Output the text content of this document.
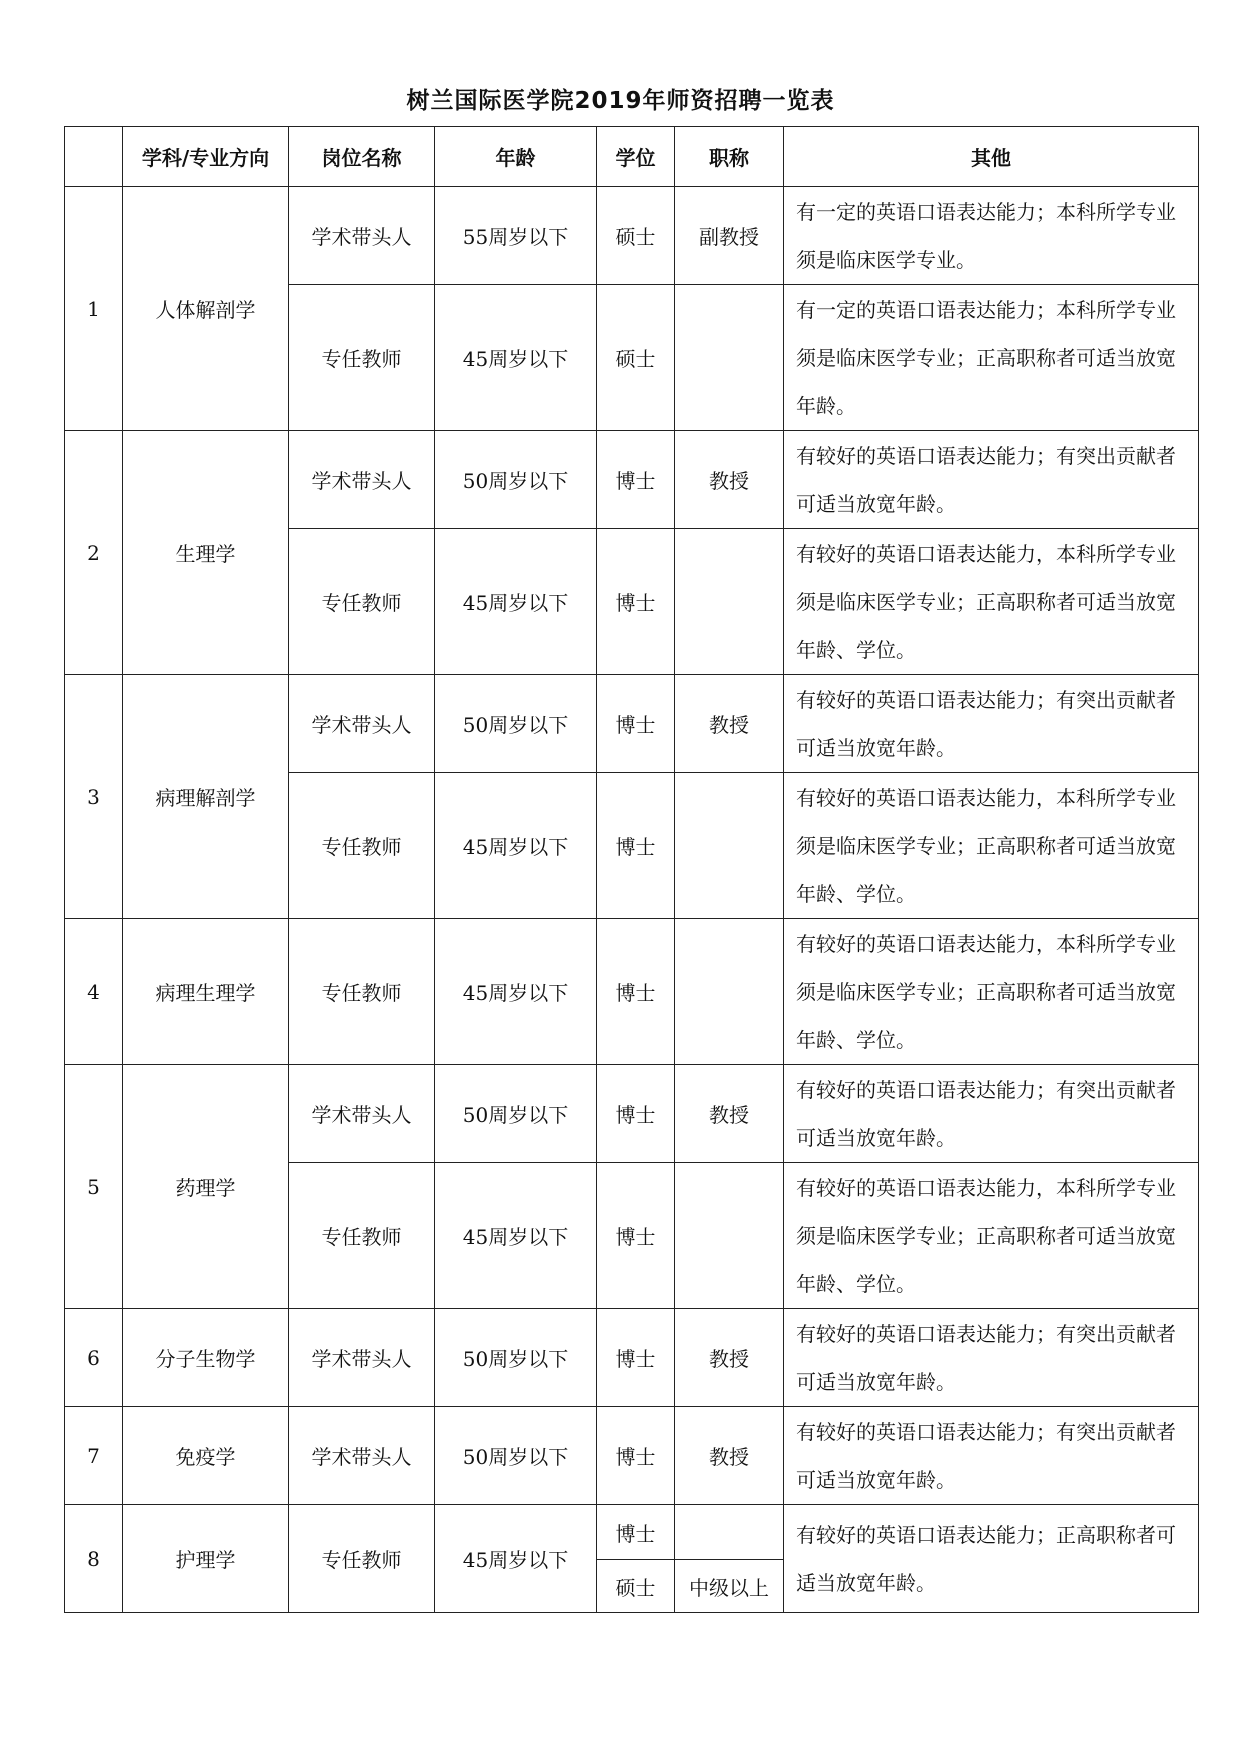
树兰国际医学院2019年师资招聘一览表
	学科/专业方向	岗位名称	年龄	学位	职称	其他
1	人体解剖学	学术带头人	55周岁以下	硕士	副教授	有一定的英语口语表达能力；本科所学专业须是临床医学专业。
		专任教师	45周岁以下	硕士		有一定的英语口语表达能力；本科所学专业须是临床医学专业；正高职称者可适当放宽年龄。
2	生理学	学术带头人	50周岁以下	博士	教授	有较好的英语口语表达能力；有突出贡献者可适当放宽年龄。
		专任教师	45周岁以下	博士		有较好的英语口语表达能力，本科所学专业须是临床医学专业；正高职称者可适当放宽年龄、学位。
3	病理解剖学	学术带头人	50周岁以下	博士	教授	有较好的英语口语表达能力；有突出贡献者可适当放宽年龄。
		专任教师	45周岁以下	博士		有较好的英语口语表达能力，本科所学专业须是临床医学专业；正高职称者可适当放宽年龄、学位。
4	病理生理学	专任教师	45周岁以下	博士		有较好的英语口语表达能力，本科所学专业须是临床医学专业；正高职称者可适当放宽年龄、学位。
5	药理学	学术带头人	50周岁以下	博士	教授	有较好的英语口语表达能力；有突出贡献者可适当放宽年龄。
		专任教师	45周岁以下	博士		有较好的英语口语表达能力，本科所学专业须是临床医学专业；正高职称者可适当放宽年龄、学位。
6	分子生物学	学术带头人	50周岁以下	博士	教授	有较好的英语口语表达能力；有突出贡献者可适当放宽年龄。
7	免疫学	学术带头人	50周岁以下	博士	教授	有较好的英语口语表达能力；有突出贡献者可适当放宽年龄。
8	护理学	专任教师	45周岁以下	博士		有较好的英语口语表达能力；正高职称者可适当放宽年龄。
				硕士	中级以上	
